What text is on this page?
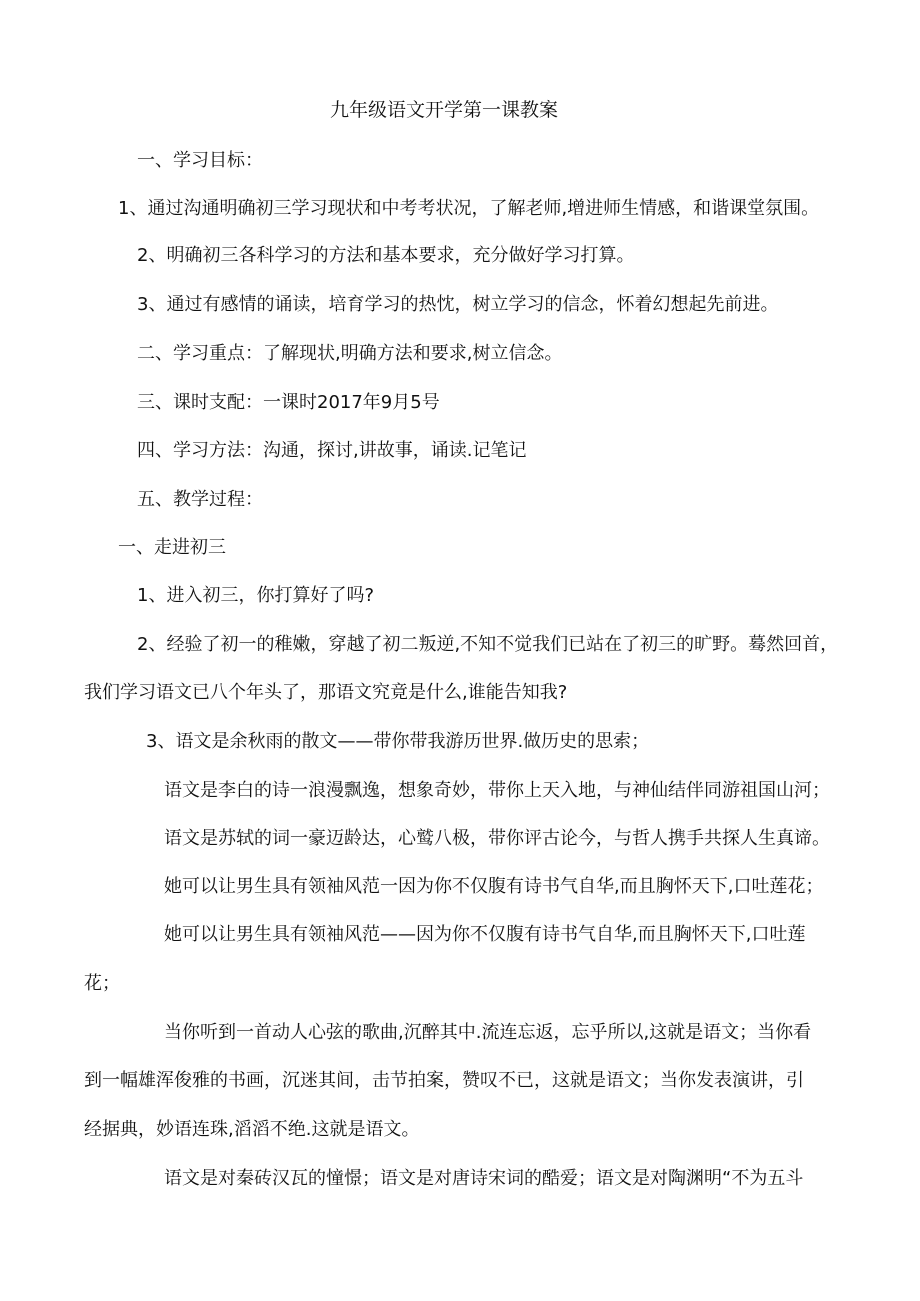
九年级语文开学第一课教案
一、学习目标：
1、通过沟通明确初三学习现状和中考考状况，了解老师,增进师生情感，和谐课堂氛围。
2、明确初三各科学习的方法和基本要求，充分做好学习打算。
3、通过有感情的诵读，培育学习的热忱，树立学习的信念，怀着幻想起先前进。
二、学习重点：了解现状,明确方法和要求,树立信念。
三、课时支配：一课时2017年9月5号
四、学习方法：沟通，探讨,讲故事，诵读.记笔记
五、教学过程：
一、走进初三
1、进入初三，你打算好了吗?
2、经验了初一的稚嫩，穿越了初二叛逆,不知不觉我们已站在了初三的旷野。蓦然回首，
我们学习语文已八个年头了，那语文究竟是什么,谁能告知我?
3、语文是余秋雨的散文——带你带我游历世界.做历史的思索；
语文是李白的诗一浪漫飘逸，想象奇妙，带你上天入地，与神仙结伴同游祖国山河；
语文是苏轼的词一豪迈龄达，心鹫八极，带你评古论今，与哲人携手共探人生真谛。
她可以让男生具有领袖风范一因为你不仅腹有诗书气自华,而且胸怀天下,口吐莲花；
她可以让男生具有领袖风范——因为你不仅腹有诗书气自华,而且胸怀天下,口吐莲
花；
当你听到一首动人心弦的歌曲,沉醉其中.流连忘返，忘乎所以,这就是语文；当你看
到一幅雄浑俊雅的书画，沉迷其间，击节拍案，赞叹不已，这就是语文；当你发表演讲，引
经据典，妙语连珠,滔滔不绝.这就是语文。
语文是对秦砖汉瓦的憧憬；语文是对唐诗宋词的酷爱；语文是对陶渊明“不为五斗
